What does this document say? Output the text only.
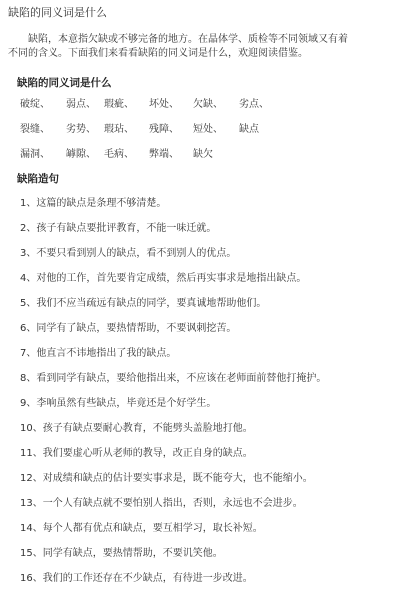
缺陷的同义词是什么
缺陷，本意指欠缺或不够完备的地方。在晶体学、质检等不同领域又有着
不同的含义。下面我们来看看缺陷的同义词是什么，欢迎阅读借鉴。
缺陷的同义词是什么
破绽、 弱点、 瑕疵、 坏处、 欠缺、 劣点、
裂缝、 劣势、 瑕玷、 残障、 短处、 缺点
漏洞、 罅隙、 毛病、 弊端、 缺欠
缺陷造句
1、这篇的缺点是条理不够清楚。
2、孩子有缺点要批评教育，不能一味迁就。
3、不要只看到别人的缺点，看不到别人的优点。
4、对他的工作，首先要肯定成绩，然后再实事求是地指出缺点。
5、我们不应当疏远有缺点的同学，要真诚地帮助他们。
6、同学有了缺点，要热情帮助，不要讽刺挖苦。
7、他直言不讳地指出了我的缺点。
8、看到同学有缺点，要给他指出来，不应该在老师面前替他打掩护。
9、李响虽然有些缺点，毕竟还是个好学生。
10、孩子有缺点要耐心教育，不能劈头盖脸地打他。
11、我们要虚心听从老师的教导，改正自身的缺点。
12、对成绩和缺点的估计要实事求是，既不能夸大，也不能缩小。
13、一个人有缺点就不要怕别人指出，否则，永远也不会进步。
14、每个人都有优点和缺点，要互相学习，取长补短。
15、同学有缺点，要热情帮助，不要讥笑他。
16、我们的工作还存在不少缺点，有待进一步改进。
